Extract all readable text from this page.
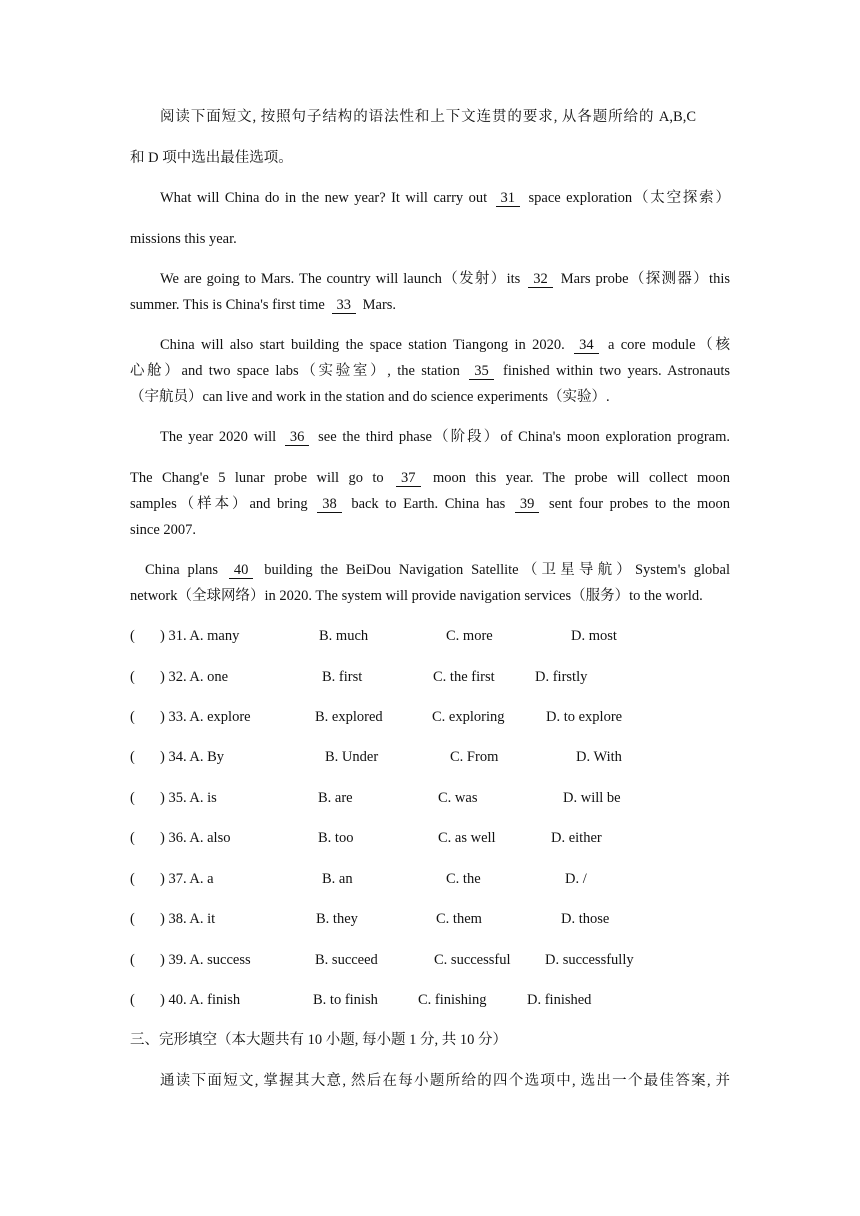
阅读下面短文, 按照句子结构的语法性和上下文连贯的要求, 从各题所给的 A,B,C
和 D 项中选出最佳选项。
What will China do in the new year? It will carry out 31 space exploration（太空探索）
missions this year.
We are going to Mars. The country will launch（发射）its 32 Mars probe（探测器）this
summer. This is China's first time 33 Mars.
China will also start building the space station Tiangong in 2020. 34 a core module（核
心舱）and two space labs（实验室）, the station 35 finished within two years. Astronauts
（宇航员）can live and work in the station and do science experiments（实验）.
The year 2020 will 36 see the third phase（阶段）of China's moon exploration program.
The Chang'e 5 lunar probe will go to 37 moon this year. The probe will collect moon
samples（样本）and bring 38 back to Earth. China has 39 sent four probes to the moon
since 2007.
China plans 40 building the BeiDou Navigation Satellite（卫星导航）System's global
network（全球网络）in 2020. The system will provide navigation services（服务）to the world.
( ) 31. A. many	B. much	C. more	D. most
( ) 32. A. one	B. first	C. the first	D. firstly
( ) 33. A. explore	B. explored	C. exploring	D. to explore
( ) 34. A. By	B. Under	C. From	D. With
( ) 35. A. is	B. are	C. was	D. will be
( ) 36. A. also	B. too	C. as well	D. either
( ) 37. A. a	B. an	C. the	D. /
( ) 38. A. it	B. they	C. them	D. those
( ) 39. A. success	B. succeed	C. successful D. successfully
( ) 40. A. finish	B. to finish	C. finishing	D. finished
三、完形填空（本大题共有 10 小题, 每小题 1 分, 共 10 分）
通读下面短文, 掌握其大意, 然后在每小题所给的四个选项中, 选出一个最佳答案, 并
